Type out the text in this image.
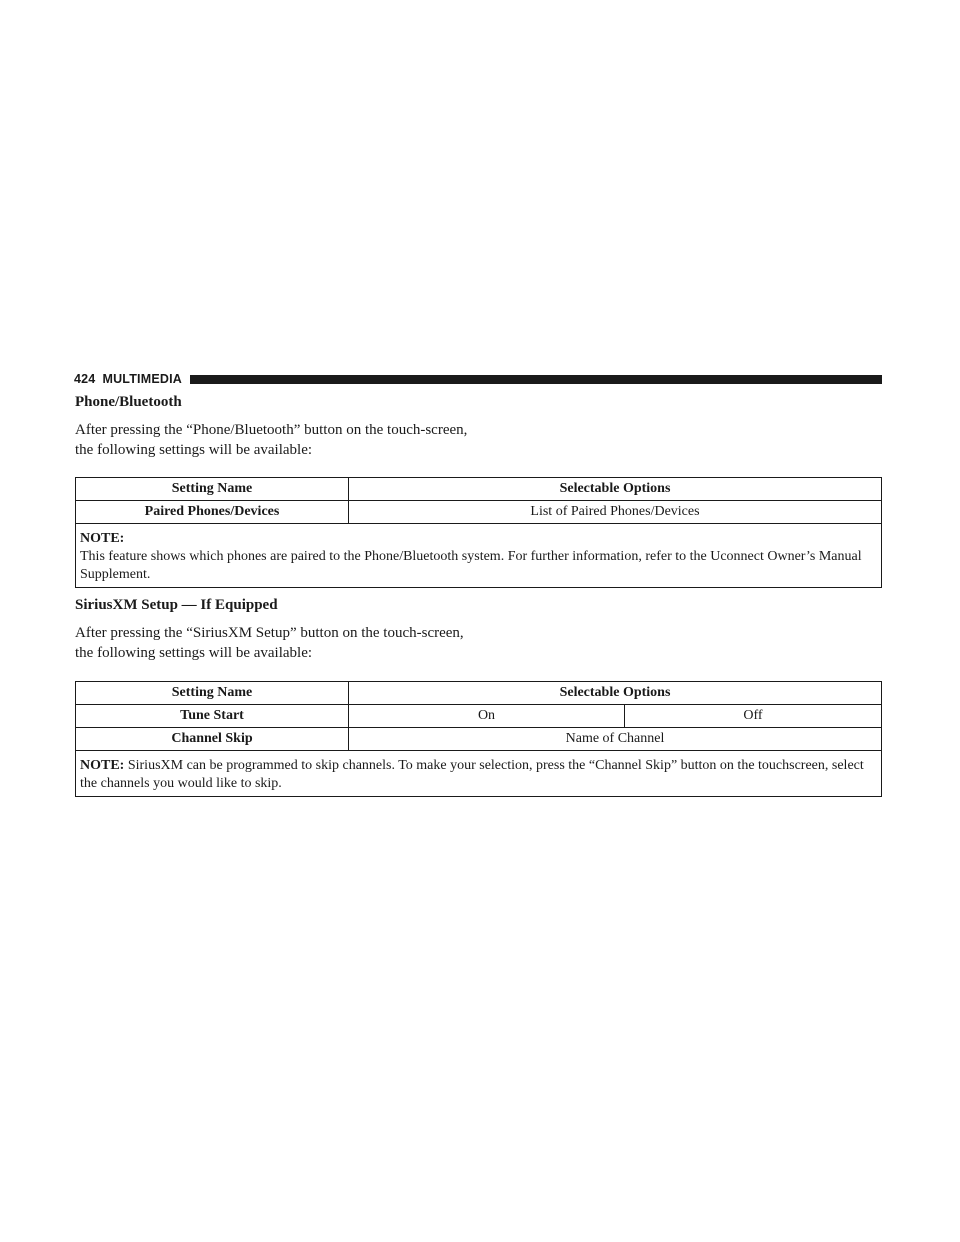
424 MULTIMEDIA
Phone/Bluetooth

After pressing the “Phone/Bluetooth” button on the touch-screen, the following settings will be available:

Setting Name	Selectable Options
Paired Phones/Devices	List of Paired Phones/Devices

NOTE:
This feature shows which phones are paired to the Phone/Bluetooth system. For further information, refer to the Uconnect Owner’s Manual Supplement.	
SiriusXM Setup — If Equipped

After pressing the “SiriusXM Setup” button on the touch-screen, the following settings will be available:

Setting Name	Selectable Options	
Tune Start	On	Off
Channel Skip	Name of Channel	
NOTE: SiriusXM can be programmed to skip channels. To make your selection, press the “Channel Skip” button on the touchscreen, select the channels you would like to skip.		
